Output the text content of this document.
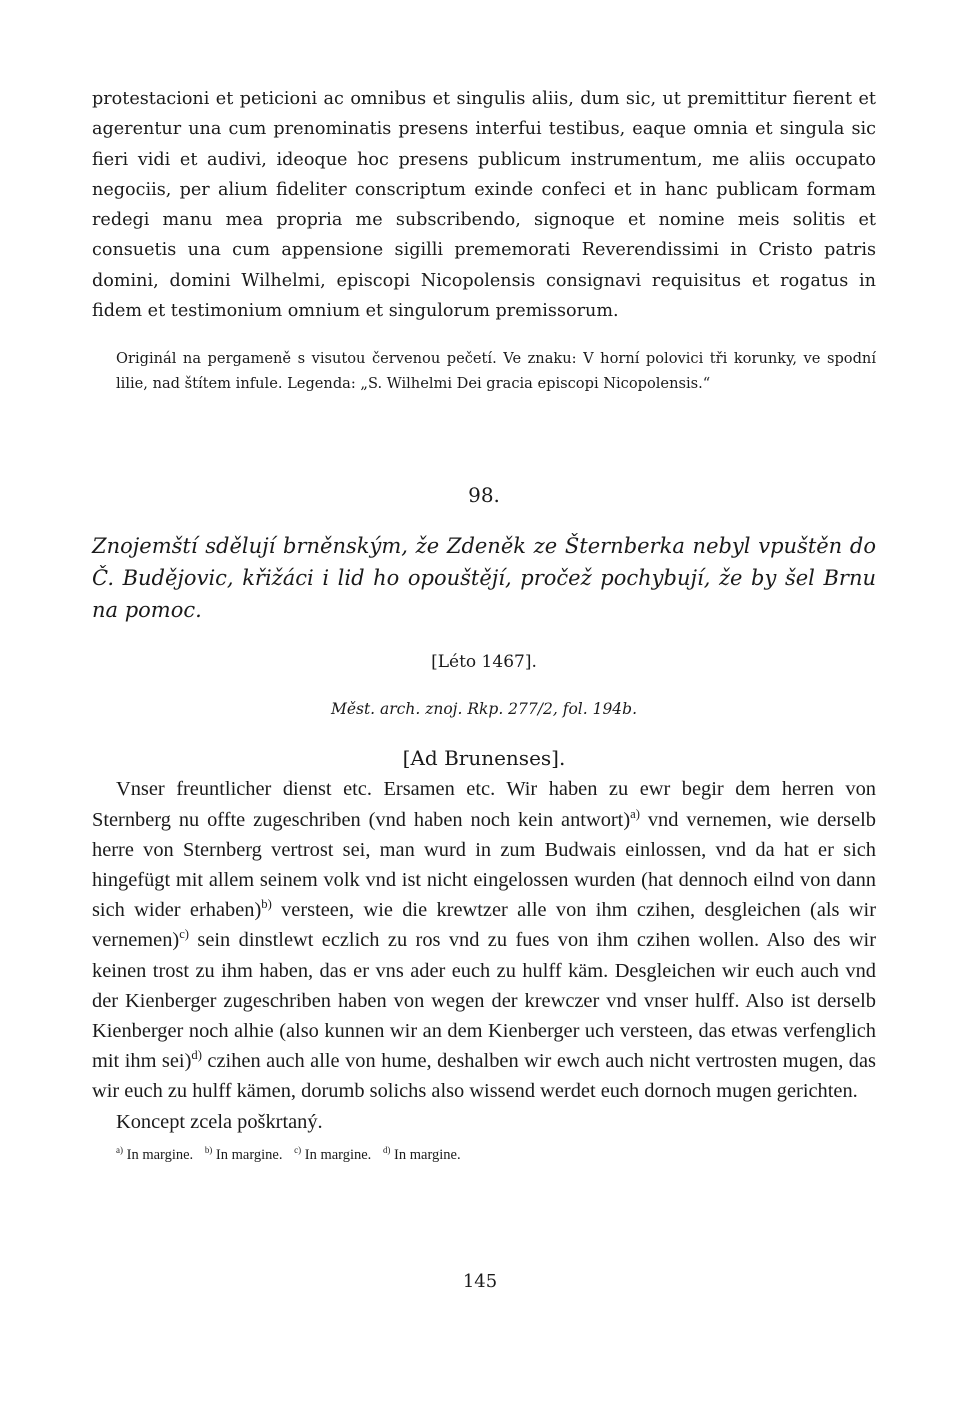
protestacioni et peticioni ac omnibus et singulis aliis, dum sic, ut premittitur fierent et agerentur una cum prenominatis presens interfui testibus, eaque omnia et singula sic fieri vidi et audivi, ideoque hoc presens publicum instrumentum, me aliis occupato negociis, per alium fideliter conscriptum exinde confeci et in hanc publicam formam redegi manu mea propria me subscribendo, signoque et nomine meis solitis et consuetis una cum appensione sigilli prememorati Reverendissimi in Cristo patris domini, domini Wilhelmi, episcopi Nicopolensis consignavi requisitus et rogatus in fidem et testimonium omnium et singulorum premissorum.

Originál na pergameně s visutou červenou pečetí. Ve znaku: V horní polovici tři korunky, ve spodní lilie, nad štítem infule. Legenda: „S. Wilhelmi Dei gracia episcopi Nicopolensis.“

98.

Znojemští sdělují brněnským, že Zdeněk ze Šternberka nebyl vpuštěn do Č. Budějovic, křižáci i lid ho opouštějí, pročež pochybují, že by šel Brnu na pomoc.

[Léto 1467].
Měst. arch. znoj. Rkp. 277/2, fol. 194b.
[Ad Brunenses].

Vnser freuntlicher dienst etc. Ersamen etc. Wir haben zu ewr begir dem herren von Sternberg nu offte zugeschriben (vnd haben noch kein antwort)$^{a)}$ vnd vernemen, wie derselb herre von Sternberg vertrost sei, man wurd in zum Budwais einlossen, vnd da hat er sich hingefügt mit allem seinem volk vnd ist nicht eingelossen wurden (hat dennoch eilnd von dann sich wider erhaben)$^{b)}$ versteen, wie die krewtzer alle von ihm czihen, desgleichen (als wir vernemen)$^{c)}$ sein dinstlewt eczlich zu ros vnd zu fues von ihm czihen wollen. Also des wir keinen trost zu ihm haben, das er vns ader euch zu hulff käm. Desgleichen wir euch auch vnd der Kienberger zugeschriben haben von wegen der krewczer vnd vnser hulff. Also ist derselb Kienberger noch alhie (also kunnen wir an dem Kienberger uch versteen, das etwas verfenglich mit ihm sei)$^{d)}$ czihen auch alle von hume, deshalben wir ewch auch nicht vertrosten mugen, das wir euch zu hulff kämen, dorumb solichs also wissend werdet euch dornoch mugen gerichten.

Koncept zcela poškrtaný.
$^{a)}$ In margine. $^{b)}$ In margine. $^{c)}$ In margine. $^{d)}$ In margine.
145
